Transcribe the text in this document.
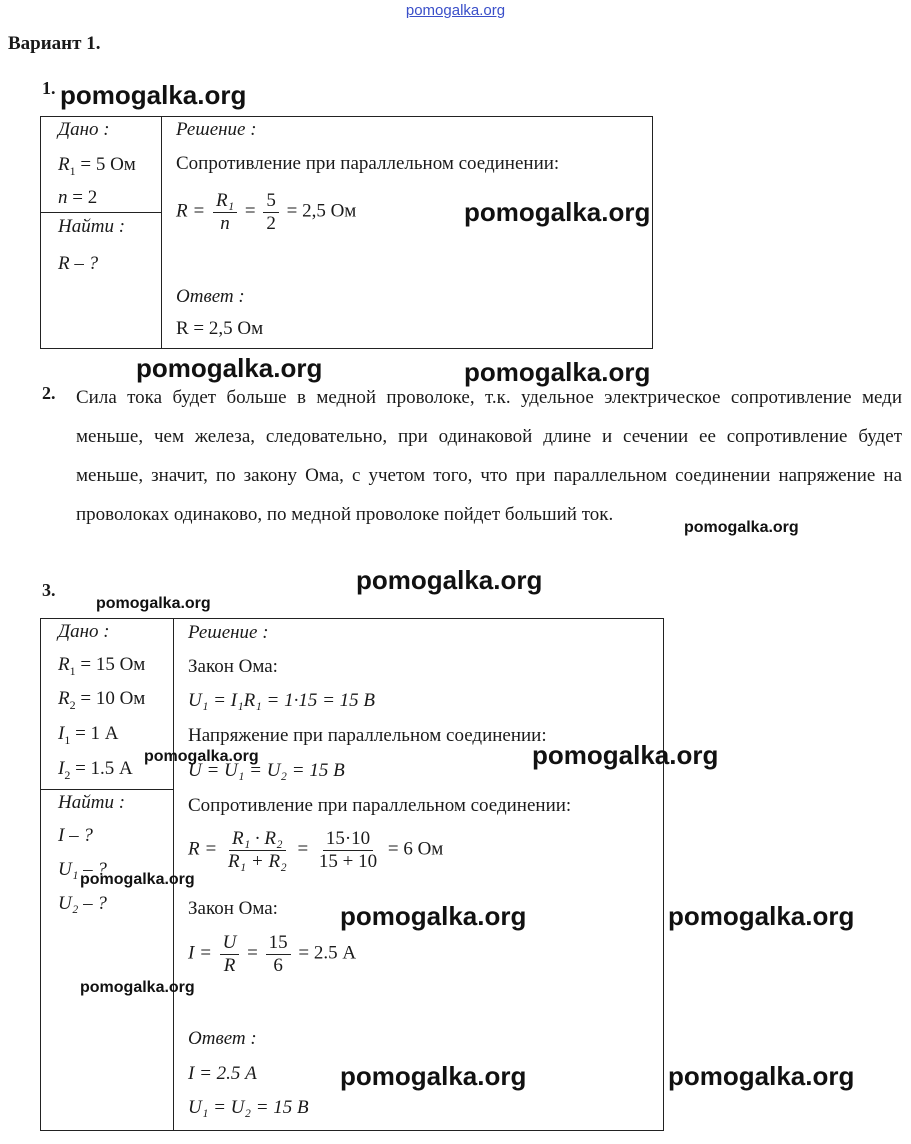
pomogalka.org
Вариант 1.
1.
Дано :
$R_1 = 5$ Ом
n = 2
Найти :
R – ?
Решение :
Сопротивление при параллельном соединении:
$R = \frac{\text{R₁}}{n} = \frac{5}{2} = 2,5$ Ом
Ответ :
R = 2,5 Ом
2. Сила тока будет больше в медной проволоке, т.к. удельное электрическое сопротивление меди меньше, чем железа, следовательно, при одинаковой длине и сечении ее сопротивление будет меньше, значит, по закону Ома, с учетом того, что при параллельном соединении напряжение на проволоках одинаково, по медной проволоке пойдет больший ток.
3.
Дано :
$R_1 = 15$ Ом
$R_2 = 10$ Ом
$I_1 = 1$ А
$I_2 = 1.5$ А
Найти :
I – ?
U₁ – ?
U₂ – ?
Решение :
Закон Ома:
U₁ = I₁R₁ = 1·15 = 15 В
Напряжение при параллельном соединении:
U = U₁ = U₂ = 15 В
Сопротивление при параллельном соединении:
$R = \frac{\text{R₁ · R₂}}{\text{R₁ + R₂}} = \frac{15\cdot 10}{15 + 10} = 6$ Ом
Закон Ома:
$I = \frac{U}{R} = \frac{15}{6} = 2.5$ А
Ответ :
I = 2.5 А
U₁ = U₂ = 15 В
pomogalka.org
pomogalka.org
pomogalka.org	pomogalka.org
pomogalka.org
pomogalka.org
pomogalka.org
pomogalka.org	pomogalka.org
pomogalka.org
pomogalka.org	pomogalka.org
pomogalka.org
pomogalka.org	pomogalka.org
